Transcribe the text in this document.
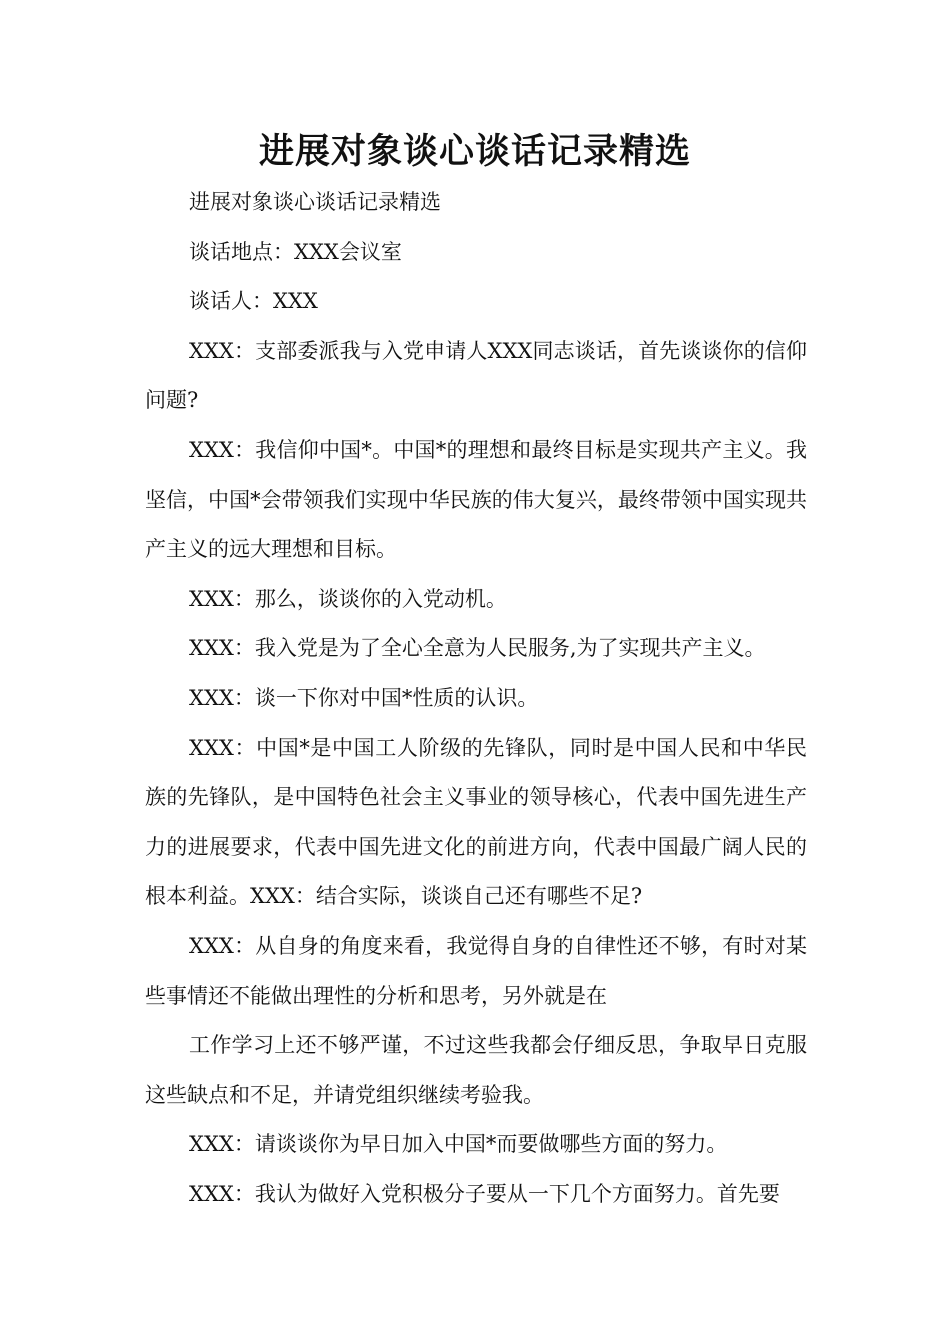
进展对象谈心谈话记录精选

进展对象谈心谈话记录精选

谈话地点：XXX会议室

谈话人：XXX

XXX：支部委派我与入党申请人XXX同志谈话，首先谈谈你的信仰问题?

XXX：我信仰中国*。中国*的理想和最终目标是实现共产主义。我坚信，中国*会带领我们实现中华民族的伟大复兴，最终带领中国实现共产主义的远大理想和目标。

XXX：那么，谈谈你的入党动机。

XXX：我入党是为了全心全意为人民服务,为了实现共产主义。

XXX：谈一下你对中国*性质的认识。

XXX：中国*是中国工人阶级的先锋队，同时是中国人民和中华民族的先锋队，是中国特色社会主义事业的领导核心，代表中国先进生产力的进展要求，代表中国先进文化的前进方向，代表中国最广阔人民的根本利益。XXX：结合实际，谈谈自己还有哪些不足?

XXX：从自身的角度来看，我觉得自身的自律性还不够，有时对某些事情还不能做出理性的分析和思考，另外就是在

工作学习上还不够严谨，不过这些我都会仔细反思，争取早日克服这些缺点和不足，并请党组织继续考验我。

XXX：请谈谈你为早日加入中国*而要做哪些方面的努力。

XXX：我认为做好入党积极分子要从一下几个方面努力。首先要
